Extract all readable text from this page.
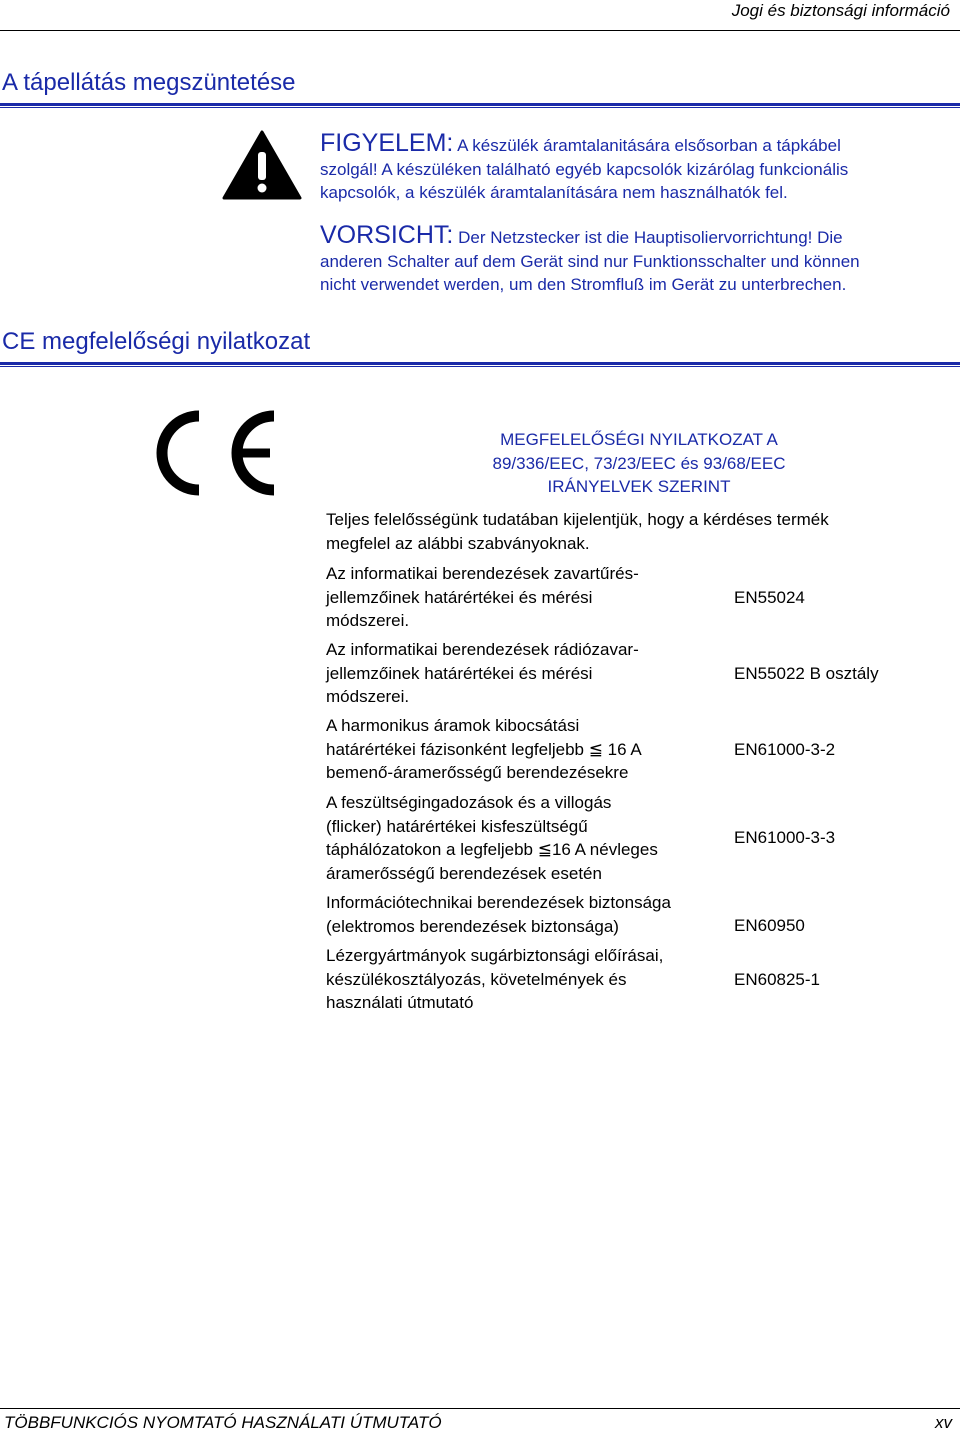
Jogi és biztonsági információ
A tápellátás megszüntetése
FIGYELEM: A készülék áramtalanitására elsősorban a tápkábel
szolgál! A készüléken található egyéb kapcsolók kizárólag funkcionális
kapcsolók, a készülék áramtalanítására nem használhatók fel.
VORSICHT: Der Netzstecker ist die Hauptisoliervorrichtung! Die
anderen Schalter auf dem Gerät sind nur Funktionsschalter und können
nicht verwendet werden, um den Stromfluß im Gerät zu unterbrechen.
CE megfelelőségi nyilatkozat
MEGFELELŐSÉGI NYILATKOZAT A
89/336/EEC, 73/23/EEC és 93/68/EEC
IRÁNYELVEK SZERINT
Teljes felelősségünk tudatában kijelentjük, hogy a kérdéses termék
megfelel az alábbi szabványoknak.
Az informatikai berendezések zavartűrés-
jellemzőinek határértékei és mérési
módszerei.
EN55024
Az informatikai berendezések rádiózavar-
jellemzőinek határértékei és mérési
módszerei.
EN55022 B osztály
A harmonikus áramok kibocsátási
határértékei fázisonként legfeljebb ≦ 16 A
bemenő-áramerősségű berendezésekre
EN61000-3-2
A feszültségingadozások és a villogás
(flicker) határértékei kisfeszültségű
táphálózatokon a legfeljebb ≦16 A névleges
áramerősségű berendezések esetén
EN61000-3-3
Információtechnikai berendezések biztonsága
(elektromos berendezések biztonsága)	EN60950
Lézergyártmányok sugárbiztonsági előírásai,
készülékosztályozás, követelmények és
használati útmutató
EN60825-1
TÖBBFUNKCIÓS NYOMTATÓ HASZNÁLATI ÚTMUTATÓ	xv
